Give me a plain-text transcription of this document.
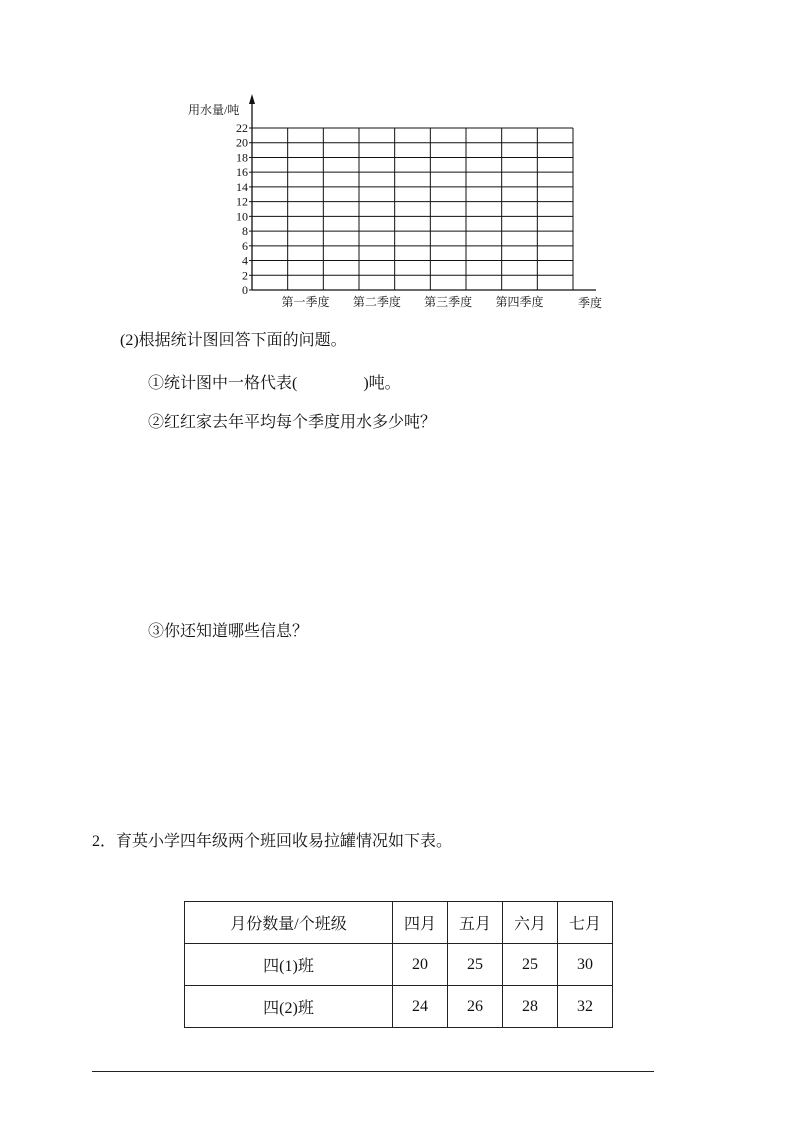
0
2
4
6
8
10
12
14
16
18
20
22
第一季度 第二季度 第三季度 第四季度
用水量/吨
季度
(2)根据统计图回答下面的问题。
①统计图中一格代表(	)吨。
②红红家去年平均每个季度用水多少吨？
③你还知道哪些信息？
2．育英小学四年级两个班回收易拉罐情况如下表。
月份数量/个班级	四月	五月	六月	七月
四(1)班	20	25	25	30
四(2)班	24	26	28	32
